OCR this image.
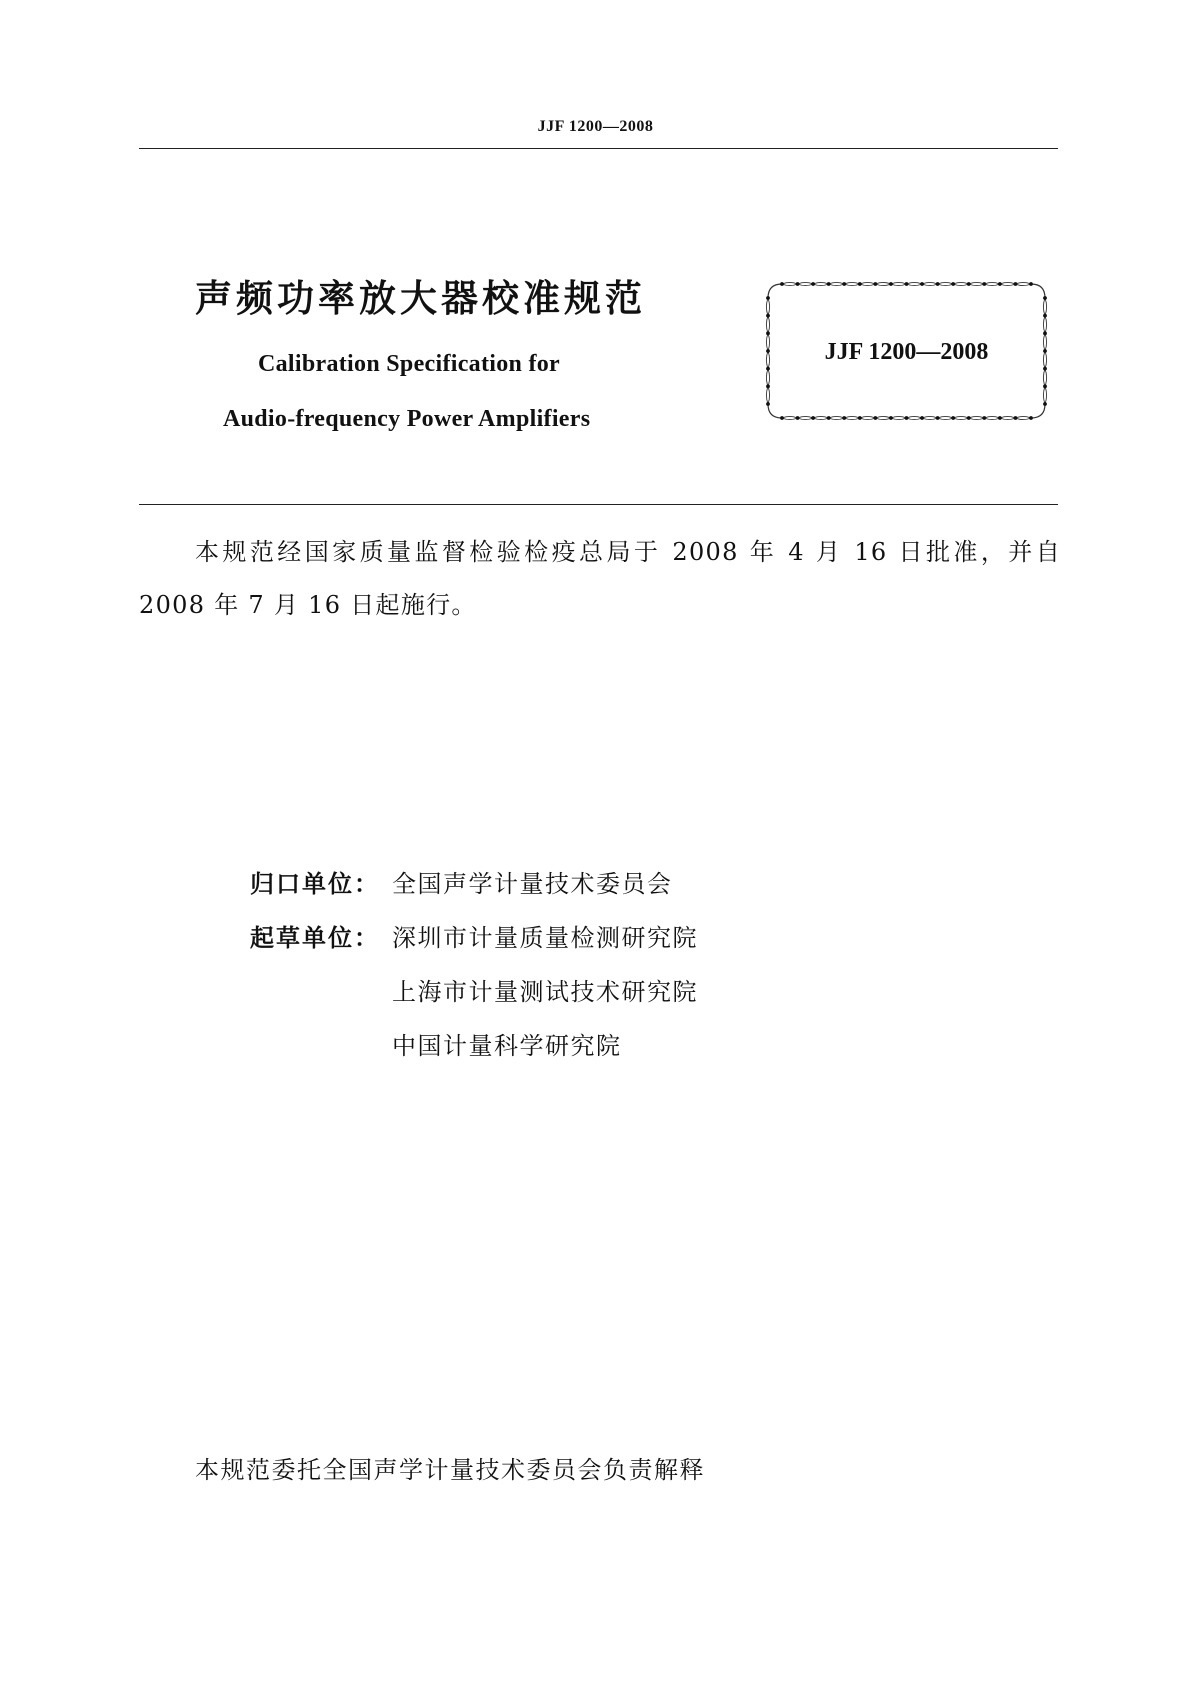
JJF 1200—2008
声频功率放大器校准规范
Calibration Specification for
Audio-frequency Power Amplifiers
JJF 1200—2008
本规范经国家质量监督检验检疫总局于 2008 年 4 月 16 日批准，并自 2008 年 7 月 16 日起施行。
归口单位： 全国声学计量技术委员会
起草单位： 深圳市计量质量检测研究院
上海市计量测试技术研究院
中国计量科学研究院
本规范委托全国声学计量技术委员会负责解释
